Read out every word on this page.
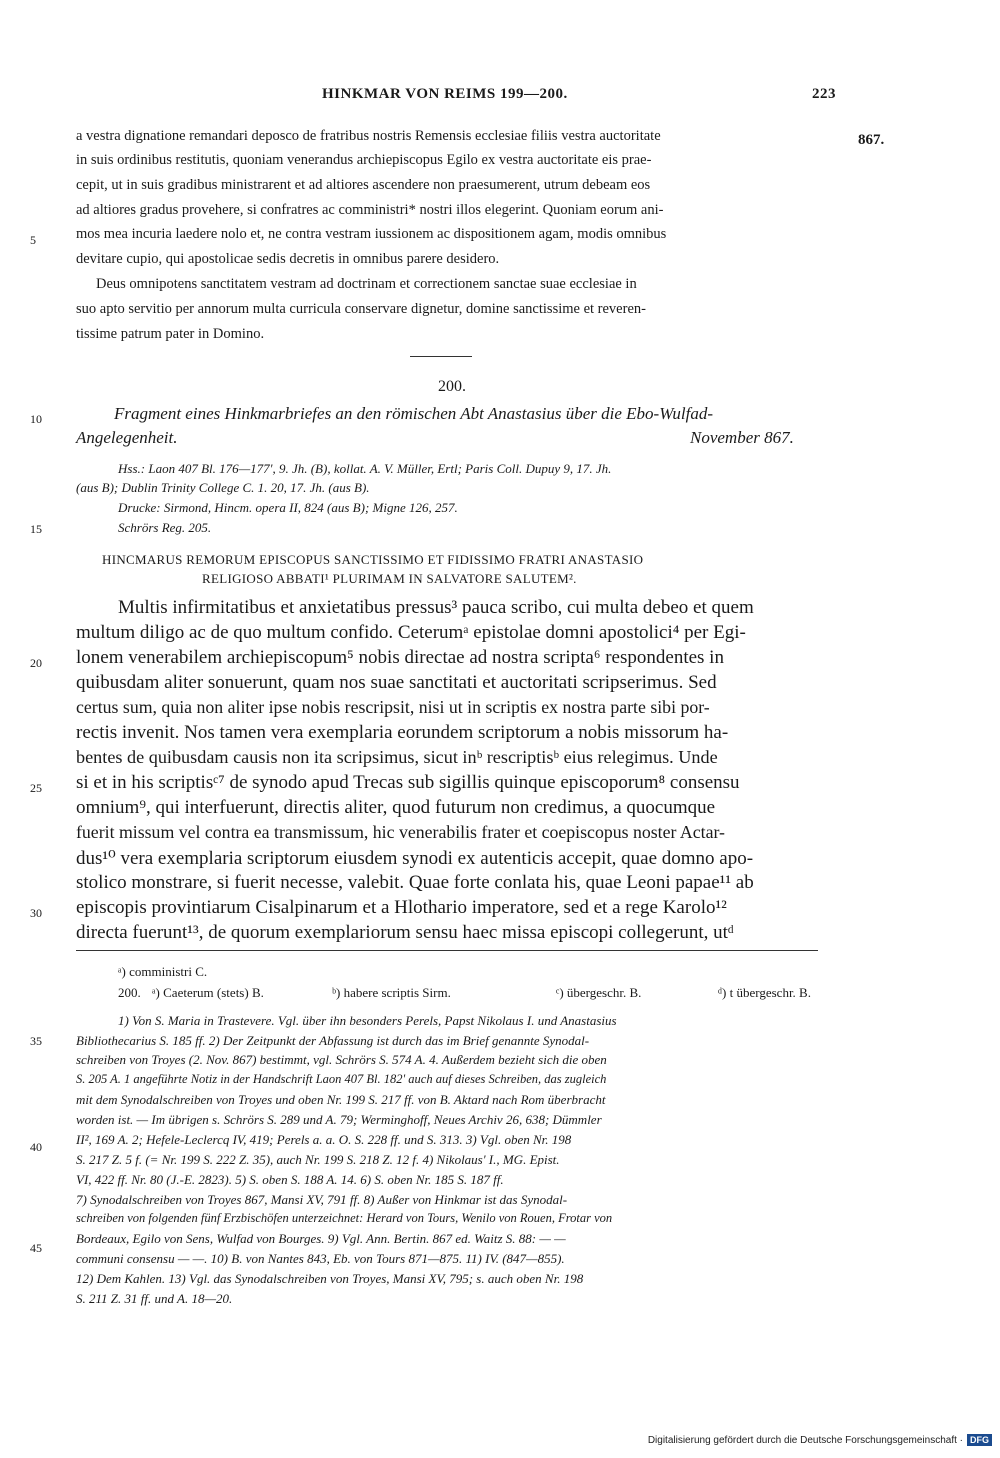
HINKMAR VON REIMS 199—200.	223
867.
a vestra dignatione remandari deposco de fratribus nostris Remensis ecclesiae filiis vestra auctoritate
in suis ordinibus restitutis, quoniam venerandus archiepiscopus Egilo ex vestra auctoritate eis prae-
cepit, ut in suis gradibus ministrarent et ad altiores ascendere non praesumerent, utrum debeam eos
ad altiores gradus provehere, si confratres ac comministri* nostri illos elegerint. Quoniam eorum ani-
mos mea incuria laedere nolo et, ne contra vestram iussionem ac dispositionem agam, modis omnibus
devitare cupio, qui apostolicae sedis decretis in omnibus parere desidero.
Deus omnipotens sanctitatem vestram ad doctrinam et correctionem sanctae suae ecclesiae in
suo apto servitio per annorum multa curricula conservare dignetur, domine sanctissime et reveren-
tissime patrum pater in Domino.
5
200.
Fragment eines Hinkmarbriefes an den römischen Abt Anastasius über die Ebo-Wulfad-
Angelegenheit.	November 867.
10
Hss.: Laon 407 Bl. 176—177', 9. Jh. (B), kollat. A. V. Müller, Ertl; Paris Coll. Dupuy 9, 17. Jh.
(aus B); Dublin Trinity College C. 1. 20, 17. Jh. (aus B).
Drucke: Sirmond, Hincm. opera II, 824 (aus B); Migne 126, 257.
Schrörs Reg. 205.
15
HINCMARUS REMORUM EPISCOPUS SANCTISSIMO ET FIDISSIMO FRATRI ANASTASIO
RELIGIOSO ABBATI¹ PLURIMAM IN SALVATORE SALUTEM².
Multis infirmitatibus et anxietatibus pressus³ pauca scribo, cui multa debeo et quem
multum diligo ac de quo multum confido. Ceterumᵃ epistolae domni apostolici⁴ per Egi-
lonem venerabilem archiepiscopum⁵ nobis directae ad nostra scripta⁶ respondentes in
quibusdam aliter sonuerunt, quam nos suae sanctitati et auctoritati scripserimus. Sed
certus sum, quia non aliter ipse nobis rescripsit, nisi ut in scriptis ex nostra parte sibi por-
rectis invenit. Nos tamen vera exemplaria eorundem scriptorum a nobis missorum ha-
bentes de quibusdam causis non ita scripsimus, sicut inᵇ rescriptisᵇ eius relegimus. Unde
si et in his scriptisᶜ⁷ de synodo apud Trecas sub sigillis quinque episcoporum⁸ consensu
omnium⁹, qui interfuerunt, directis aliter, quod futurum non credimus, a quocumque
fuerit missum vel contra ea transmissum, hic venerabilis frater et coepiscopus noster Actar-
dus¹⁰ vera exemplaria scriptorum eiusdem synodi ex autenticis accepit, quae domno apo-
stolico monstrare, si fuerit necesse, valebit. Quae forte conlata his, quae Leoni papae¹¹ ab
episcopis provintiarum Cisalpinarum et a Hlothario imperatore, sed et a rege Karolo¹²
directa fuerunt¹³, de quorum exemplariorum sensu haec missa episcopi collegerunt, utᵈ
20
25
30
ᵃ) comministri C.
200. ᵃ) Caeterum (stets) B.	ᵇ) habere scriptis Sirm.	ᶜ) übergeschr. B.	ᵈ) t übergeschr. B.
1) Von S. Maria in Trastevere. Vgl. über ihn besonders Perels, Papst Nikolaus I. und Anastasius
Bibliothecarius S. 185 ff. 2) Der Zeitpunkt der Abfassung ist durch das im Brief genannte Synodal-
schreiben von Troyes (2. Nov. 867) bestimmt, vgl. Schrörs S. 574 A. 4. Außerdem bezieht sich die oben
S. 205 A. 1 angeführte Notiz in der Handschrift Laon 407 Bl. 182' auch auf dieses Schreiben, das zugleich
mit dem Synodalschreiben von Troyes und oben Nr. 199 S. 217 ff. von B. Aktard nach Rom überbracht
worden ist. — Im übrigen s. Schrörs S. 289 und A. 79; Werminghoff, Neues Archiv 26, 638; Dümmler
II², 169 A. 2; Hefele-Leclercq IV, 419; Perels a. a. O. S. 228 ff. und S. 313. 3) Vgl. oben Nr. 198
S. 217 Z. 5 f. (= Nr. 199 S. 222 Z. 35), auch Nr. 199 S. 218 Z. 12 f. 4) Nikolaus' I., MG. Epist.
VI, 422 ff. Nr. 80 (J.-E. 2823). 5) S. oben S. 188 A. 14. 6) S. oben Nr. 185 S. 187 ff.
7) Synodalschreiben von Troyes 867, Mansi XV, 791 ff. 8) Außer von Hinkmar ist das Synodal-
schreiben von folgenden fünf Erzbischöfen unterzeichnet: Herard von Tours, Wenilo von Rouen, Frotar von
Bordeaux, Egilo von Sens, Wulfad von Bourges. 9) Vgl. Ann. Bertin. 867 ed. Waitz S. 88: — —
communi consensu — —. 10) B. von Nantes 843, Eb. von Tours 871—875. 11) IV. (847—855).
12) Dem Kahlen. 13) Vgl. das Synodalschreiben von Troyes, Mansi XV, 795; s. auch oben Nr. 198
S. 211 Z. 31 ff. und A. 18—20.
35
40
45
Digitalisierung gefördert durch die Deutsche Forschungsgemeinschaft · DFG
